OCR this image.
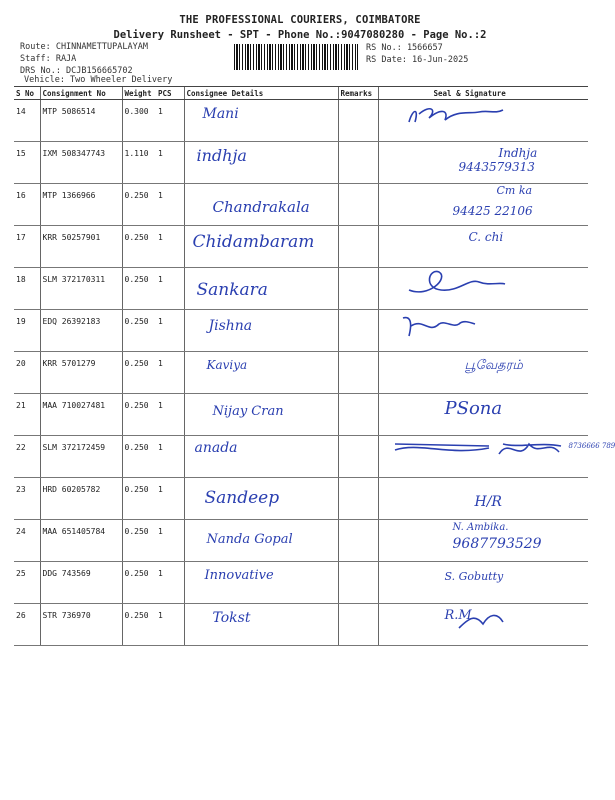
THE PROFESSIONAL COURIERS, COIMBATORE
Delivery Runsheet - SPT - Phone No.:9047080280 - Page No.:2
Route: CHINNAMETTUPALAYAM
Staff: RAJA
DRS No.: DCJB156665702
Vehicle: Two Wheeler Delivery
RS No.: 1566657
RS Date: 16-Jun-2025
S No	Consignment No	Weight	PCS	Consignee Details	Remarks	Seal & Signature
14	MTP 5086514	0.300	1	Mani

15	IXM 508347743	1.110	1	indhja		Indhja
9443579313

16	MTP 1366966	0.250	1	Chandrakala		Cm ka
94425 22106

17	KRR 50257901	0.250	1	Chidambaram		C. chi

18	SLM 372170311	0.250	1	Sankara

19	EDQ 26392183	0.250	1	Jishna

20	KRR 5701279	0.250	1	Kaviya		பூவேதரம்

21	MAA 710027481	0.250	1	Nijay Cran		PSona

22	SLM 372172459	0.250	1	anada		8736666 789

23	HRD 60205782	0.250	1	Sandeep		H/R

24	MAA 651405784	0.250	1	Nanda Gopal		N. Ambika.
9687793529

25	DDG 743569	0.250	1	Innovative		S. Gobutty

26	STR 736970	0.250	1	Tokst		R.M
